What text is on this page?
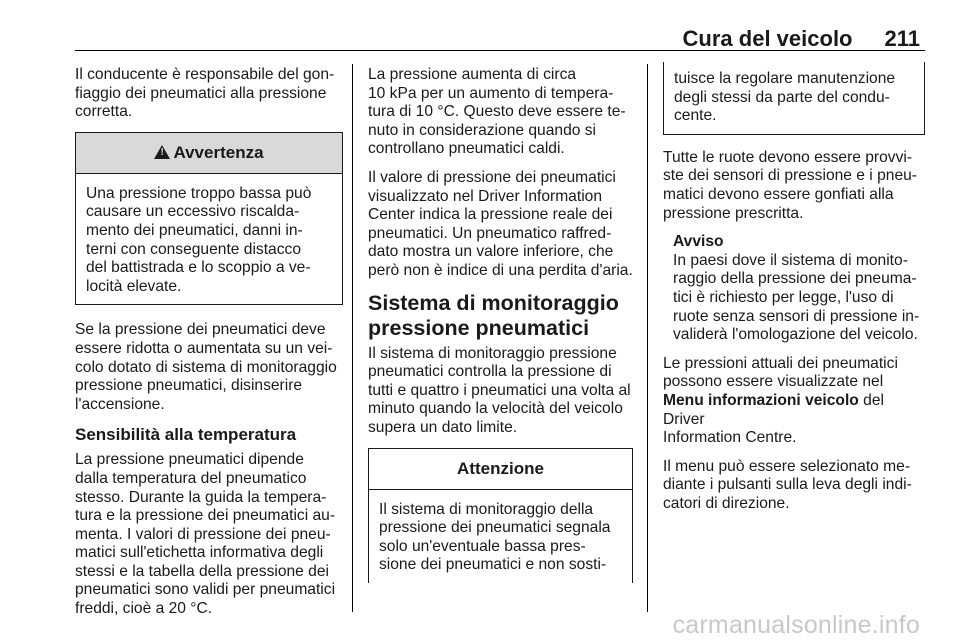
Cura del veicolo 211

Il conducente è responsabile del gon-
fiaggio dei pneumatici alla pressione
corretta.

!Avvertenza
Una pressione troppo bassa può
causare un eccessivo riscalda-
mento dei pneumatici, danni in-
terni con conseguente distacco
del battistrada e lo scoppio a ve-
locità elevate.

Se la pressione dei pneumatici deve
essere ridotta o aumentata su un vei-
colo dotato di sistema di monitoraggio
pressione pneumatici, disinserire
l'accensione.

Sensibilità alla temperatura

La pressione pneumatici dipende
dalla temperatura del pneumatico
stesso. Durante la guida la tempera-
tura e la pressione dei pneumatici au-
menta. I valori di pressione dei pneu-
matici sull'etichetta informativa degli
stessi e la tabella della pressione dei
pneumatici sono validi per pneumatici
freddi, cioè a 20 °C.

La pressione aumenta di circa
10 kPa per un aumento di tempera-
tura di 10 °C. Questo deve essere te-
nuto in considerazione quando si
controllano pneumatici caldi.

Il valore di pressione dei pneumatici
visualizzato nel Driver Information
Center indica la pressione reale dei
pneumatici. Un pneumatico raffred-
dato mostra un valore inferiore, che
però non è indice di una perdita d'aria.

Sistema di monitoraggio
pressione pneumatici

Il sistema di monitoraggio pressione
pneumatici controlla la pressione di
tutti e quattro i pneumatici una volta al
minuto quando la velocità del veicolo
supera un dato limite.

Attenzione
Il sistema di monitoraggio della
pressione dei pneumatici segnala
solo un'eventuale bassa pres-
sione dei pneumatici e non sosti-
tuisce la regolare manutenzione
degli stessi da parte del condu-
cente.

Tutte le ruote devono essere provvi-
ste dei sensori di pressione e i pneu-
matici devono essere gonfiati alla
pressione prescritta.

Avviso
In paesi dove il sistema di monito-
raggio della pressione dei pneuma-
tici è richiesto per legge, l'uso di
ruote senza sensori di pressione in-
validerà l'omologazione del veicolo.

Le pressioni attuali dei pneumatici
possono essere visualizzate nel
Menu informazioni veicolo del Driver
Information Centre.

Il menu può essere selezionato me-
diante i pulsanti sulla leva degli indi-
catori di direzione.

carmanualsonline.info
